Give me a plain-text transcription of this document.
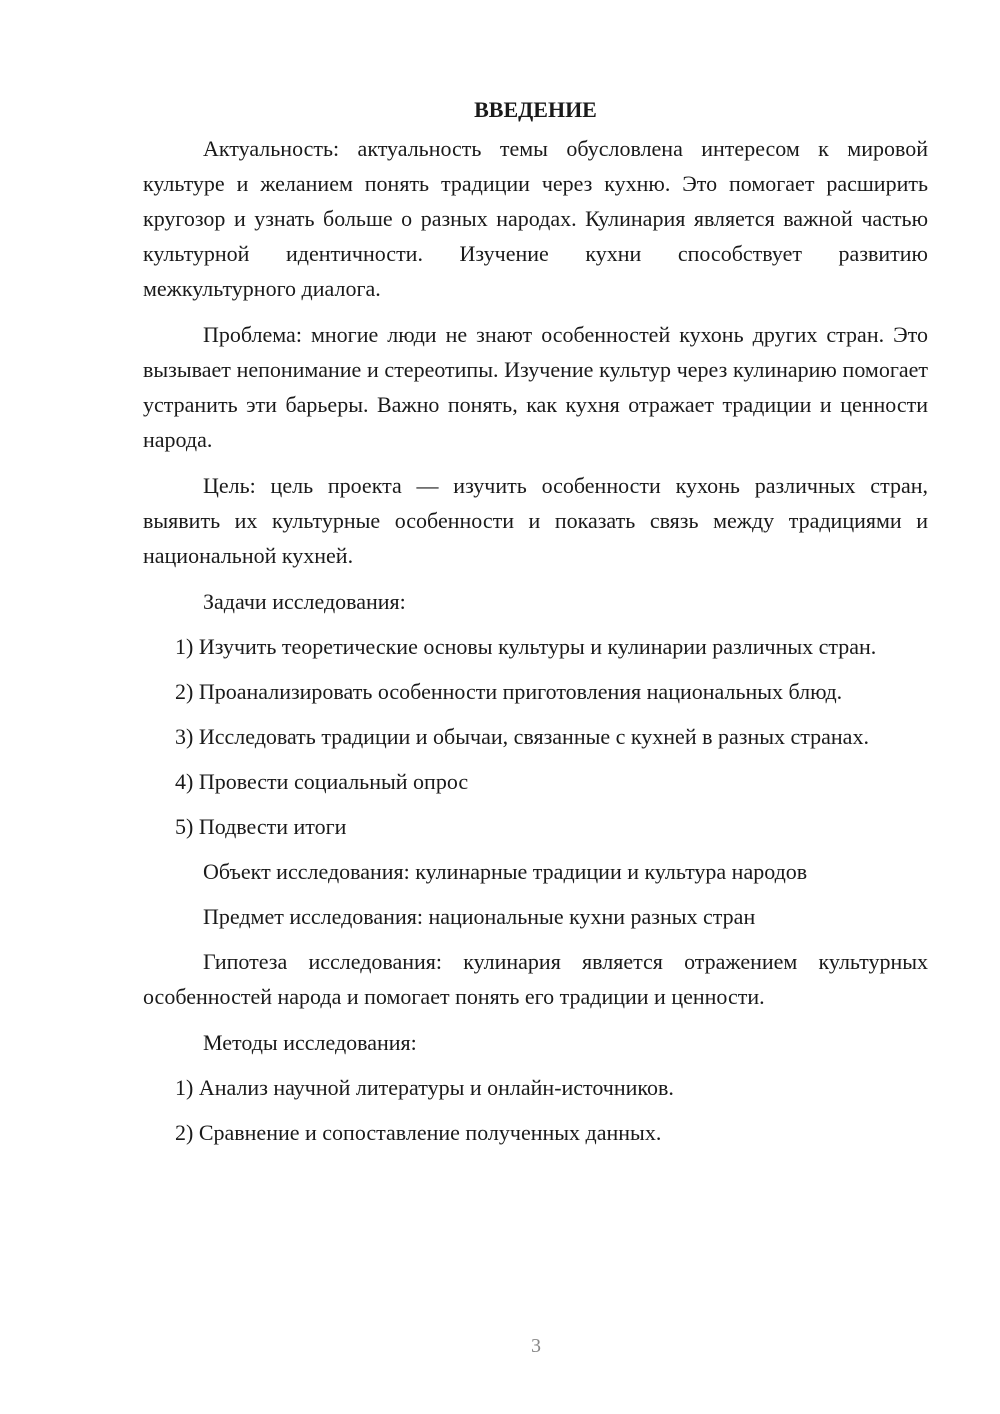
ВВЕДЕНИЕ

Актуальность: актуальность темы обусловлена интересом к мировой культуре и желанием понять традиции через кухню. Это помогает расширить кругозор и узнать больше о разных народах. Кулинария является важной частью культурной идентичности. Изучение кухни способствует развитию межкультурного диалога.

Проблема: многие люди не знают особенностей кухонь других стран. Это вызывает непонимание и стереотипы. Изучение культур через кулинарию помогает устранить эти барьеры. Важно понять, как кухня отражает традиции и ценности народа.

Цель: цель проекта — изучить особенности кухонь различных стран, выявить их культурные особенности и показать связь между традициями и национальной кухней.

Задачи исследования:

1) Изучить теоретические основы культуры и кулинарии различных стран.

2) Проанализировать особенности приготовления национальных блюд.

3) Исследовать традиции и обычаи, связанные с кухней в разных странах.

4) Провести социальный опрос

5) Подвести итоги

Объект исследования: кулинарные традиции и культура народов

Предмет исследования: национальные кухни разных стран

Гипотеза исследования: кулинария является отражением культурных особенностей народа и помогает понять его традиции и ценности.

Методы исследования:

1) Анализ научной литературы и онлайн-источников.

2) Сравнение и сопоставление полученных данных.

3
